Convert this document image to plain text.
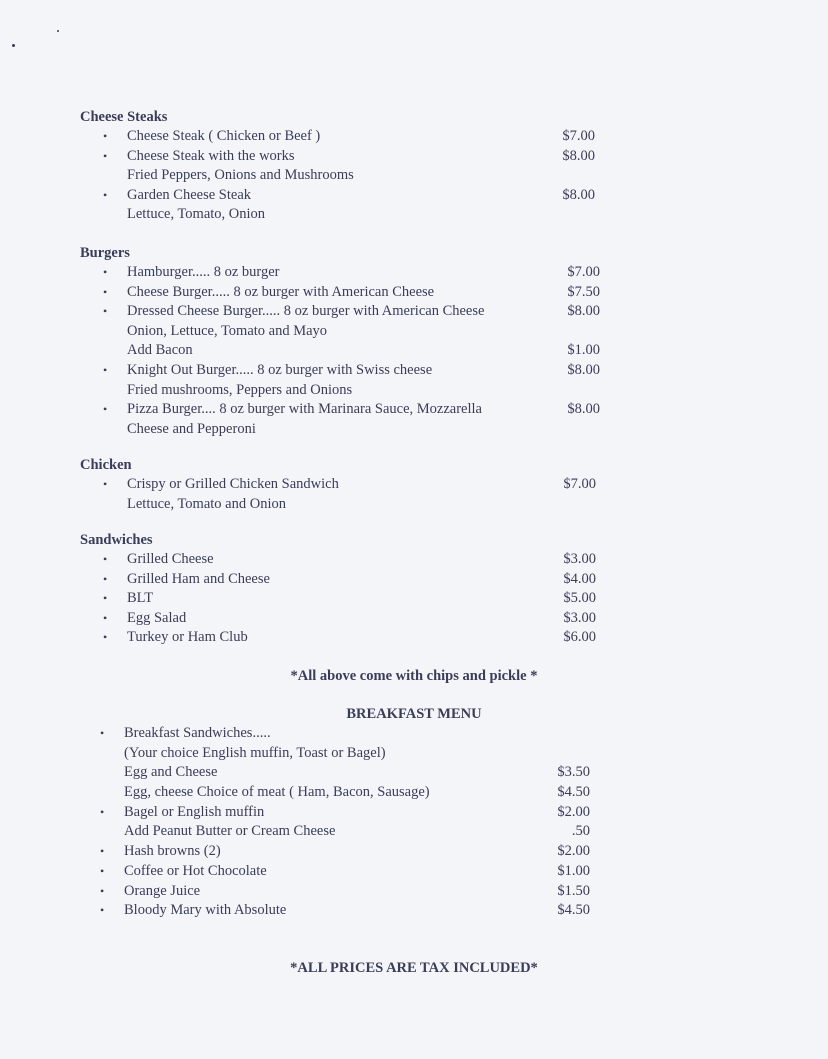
Cheese Steaks
• Cheese Steak ( Chicken or Beef )	$7.00
• Cheese Steak with the works	$8.00
Fried Peppers, Onions and Mushrooms
• Garden Cheese Steak	$8.00
Lettuce, Tomato, Onion
Burgers
• Hamburger..... 8 oz burger	$7.00
• Cheese Burger..... 8 oz burger with American Cheese	$7.50
• Dressed Cheese Burger..... 8 oz burger with American Cheese	$8.00
Onion, Lettuce, Tomato and Mayo
Add Bacon	$1.00
• Knight Out Burger..... 8 oz burger with Swiss cheese	$8.00
Fried mushrooms, Peppers and Onions
• Pizza Burger.... 8 oz burger with Marinara Sauce, Mozzarella	$8.00
Cheese and Pepperoni
Chicken
• Crispy or Grilled Chicken Sandwich	$7.00
Lettuce, Tomato and Onion
Sandwiches
• Grilled Cheese	$3.00
• Grilled Ham and Cheese	$4.00
• BLT	$5.00
• Egg Salad	$3.00
• Turkey or Ham Club	$6.00
*All above come with chips and pickle *
BREAKFAST MENU
• Breakfast Sandwiches.....
(Your choice English muffin, Toast or Bagel)
Egg and Cheese	$3.50
Egg, cheese Choice of meat ( Ham, Bacon, Sausage)	$4.50
• Bagel or English muffin	$2.00
Add Peanut Butter or Cream Cheese	.50
• Hash browns (2)	$2.00
• Coffee or Hot Chocolate	$1.00
• Orange Juice	$1.50
• Bloody Mary with Absolute	$4.50
*ALL PRICES ARE TAX INCLUDED*
